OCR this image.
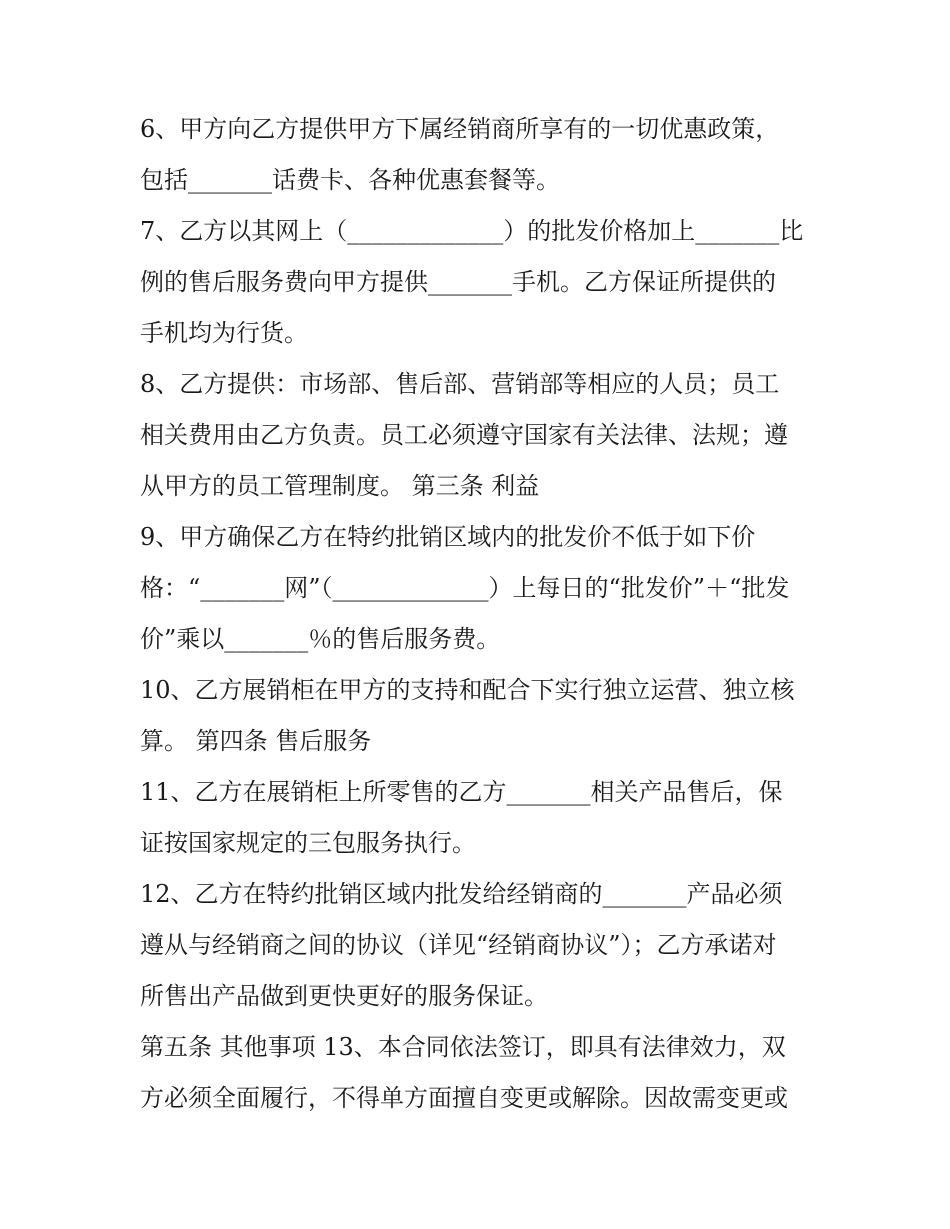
6、甲方向乙方提供甲方下属经销商所享有的一切优惠政策，
包括_______话费卡、各种优惠套餐等。
7、乙方以其网上（_____________）的批发价格加上_______比
例的售后服务费向甲方提供_______手机。乙方保证所提供的
手机均为行货。
8、乙方提供：市场部、售后部、营销部等相应的人员；员工
相关费用由乙方负责。员工必须遵守国家有关法律、法规；遵
从甲方的员工管理制度。 第三条 利益
9、甲方确保乙方在特约批销区域内的批发价不低于如下价
格：“_______网”（_____________）上每日的“批发价”＋“批发
价”乘以_______％的售后服务费。
10、乙方展销柜在甲方的支持和配合下实行独立运营、独立核
算。 第四条 售后服务
11、乙方在展销柜上所零售的乙方_______相关产品售后，保
证按国家规定的三包服务执行。
12、乙方在特约批销区域内批发给经销商的_______产品必须
遵从与经销商之间的协议（详见“经销商协议”）；乙方承诺对
所售出产品做到更快更好的服务保证。
第五条 其他事项 13、本合同依法签订，即具有法律效力，双
方必须全面履行，不得单方面擅自变更或解除。因故需变更或
